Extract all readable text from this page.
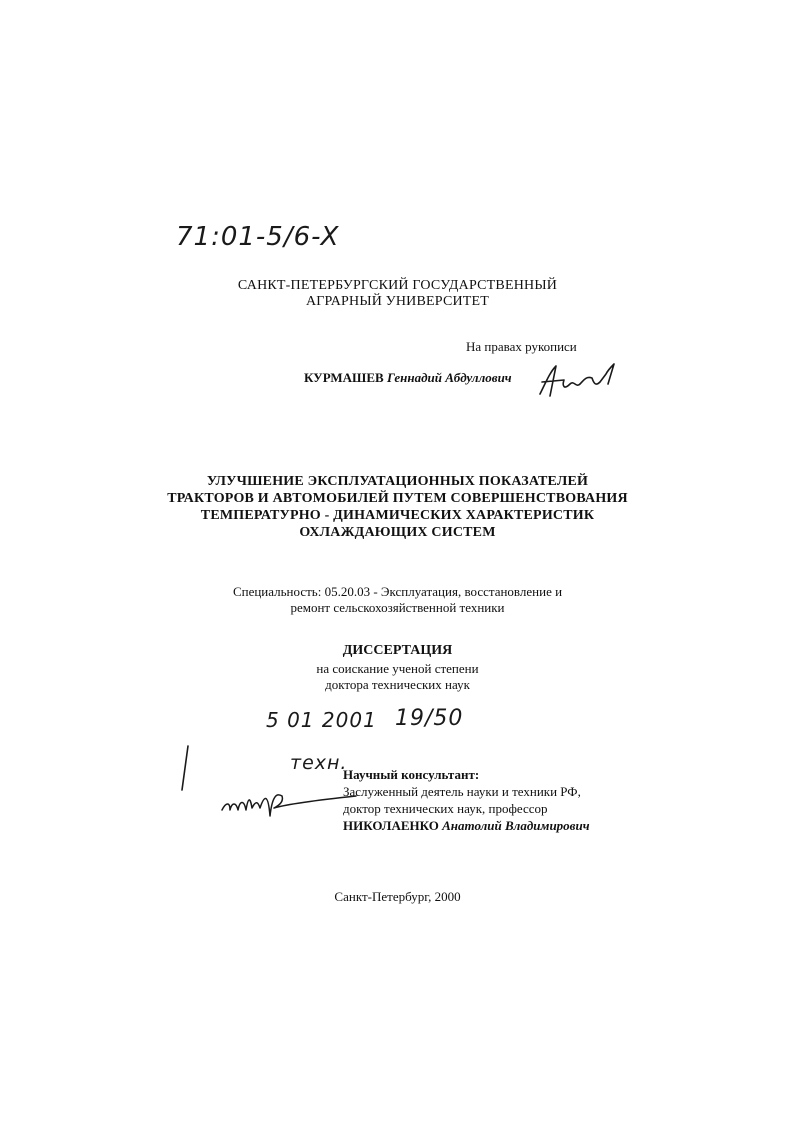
71:01-5/6-X
САНКТ-ПЕТЕРБУРГСКИЙ ГОСУДАРСТВЕННЫЙ
АГРАРНЫЙ УНИВЕРСИТЕТ
На правах рукописи
КУРМАШЕВ Геннадий Абдуллович
УЛУЧШЕНИЕ ЭКСПЛУАТАЦИОННЫХ ПОКАЗАТЕЛЕЙ
ТРАКТОРОВ И АВТОМОБИЛЕЙ ПУТЕМ СОВЕРШЕНСТВОВАНИЯ
ТЕМПЕРАТУРНО - ДИНАМИЧЕСКИХ ХАРАКТЕРИСТИК
ОХЛАЖДАЮЩИХ СИСТЕМ
Специальность: 05.20.03 - Эксплуатация, восстановление и
ремонт сельскохозяйственной техники
ДИССЕРТАЦИЯ
на соискание ученой степени
доктора технических наук
5 01 2001 19/50
техн.
Научный консультант:
Заслуженный деятель науки и техники РФ,
доктор технических наук, профессор
НИКОЛАЕНКО Анатолий Владимирович
Санкт-Петербург, 2000
